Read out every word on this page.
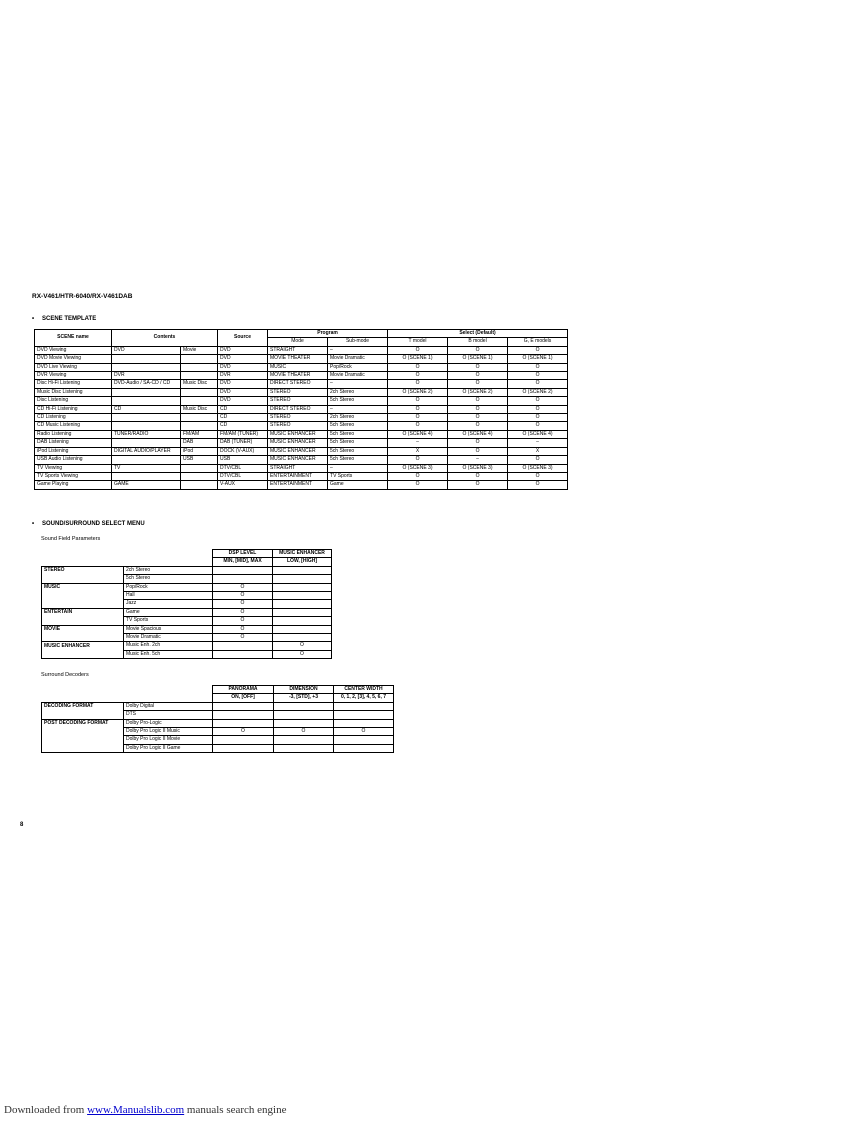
RX-V461/HTR-6040/RX-V461DAB
• SCENE TEMPLATE
SCENE name	Contents		Source	Program		Select (Default)		
				Mode	Sub-mode	T model	B model	G, E models
DVD Viewing	DVD	Movie	DVD	STRAIGHT	–	O	O	O
DVD Movie Viewing			DVD	MOVIE THEATER	Movie Dramatic	O (SCENE 1)	O (SCENE 1)	O (SCENE 1)
DVD Live Viewing			DVD	MUSIC	Pop/Rock	O	O	O
DVR Viewing	DVR		DVR	MOVIE THEATER	Movie Dramatic	O	O	O
Disc Hi-Fi Listening	DVD-Audio / SA-CD / CD	Music Disc	DVD	DIRECT STEREO	–	O	O	O
Music Disc Listening			DVD	STEREO	2ch Stereo	O (SCENE 2)	O (SCENE 2)	O (SCENE 2)
Disc Listening			DVD	STEREO	5ch Stereo	O	O	O
CD Hi-Fi Listening	CD	Music Disc	CD	DIRECT STEREO	–	O	O	O
CD Listening			CD	STEREO	2ch Stereo	O	O	O
CD Music Listening			CD	STEREO	5ch Stereo	O	O	O
Radio Listening	TUNER/RADIO	FM/AM	FM/AM (TUNER)	MUSIC ENHANCER	5ch Stereo	O (SCENE 4)	O (SCENE 4)	O (SCENE 4)
DAB Listening		DAB	DAB (TUNER)	MUSIC ENHANCER	5ch Stereo	–	O	–
iPod Listening	DIGITAL AUDIO/PLAYER	iPod	DOCK (V-AUX)	MUSIC ENHANCER	5ch Stereo	X	O	X
USB Audio Listening		USB	USB	MUSIC ENHANCER	5ch Stereo	O	–	O
TV Viewing	TV		DTV/CBL	STRAIGHT	–	O (SCENE 3)	O (SCENE 3)	O (SCENE 3)
TV Sports Viewing			DTV/CBL	ENTERTAINMENT	TV Sports	O	O	O
Game Playing	GAME		V-AUX	ENTERTAINMENT	Game	O	O	O
• SOUND/SURROUND SELECT MENU
Sound Field Parameters
		DSP LEVEL	MUSIC ENHANCER
		MIN, [MID], MAX	LOW, [HIGH]
STEREO	2ch Stereo		
	5ch Stereo		
MUSIC	Pop/Rock	O	
	Hall	O	
	Jazz	O	
ENTERTAIN	Game	O	
	TV Sports	O	
MOVIE	Movie Spacious	O	
	Movie Dramatic	O	
MUSIC ENHANCER	Music Enh. 2ch		O
	Music Enh. 5ch		O
Surround Decoders
		PANORAMA	DIMENSION	CENTER WIDTH
		ON, [OFF]	-3, [STD], +3	0, 1, 2, [3], 4, 5, 6, 7
DECODING FORMAT	Dolby Digital			
	DTS			
POST DECODING FORMAT	Dolby Pro-Logic			
	Dolby Pro Logic II Music	O	O	O
	Dolby Pro Logic II Movie			
	Dolby Pro Logic II Game			
8
Downloaded from www.Manualslib.com manuals search engine
